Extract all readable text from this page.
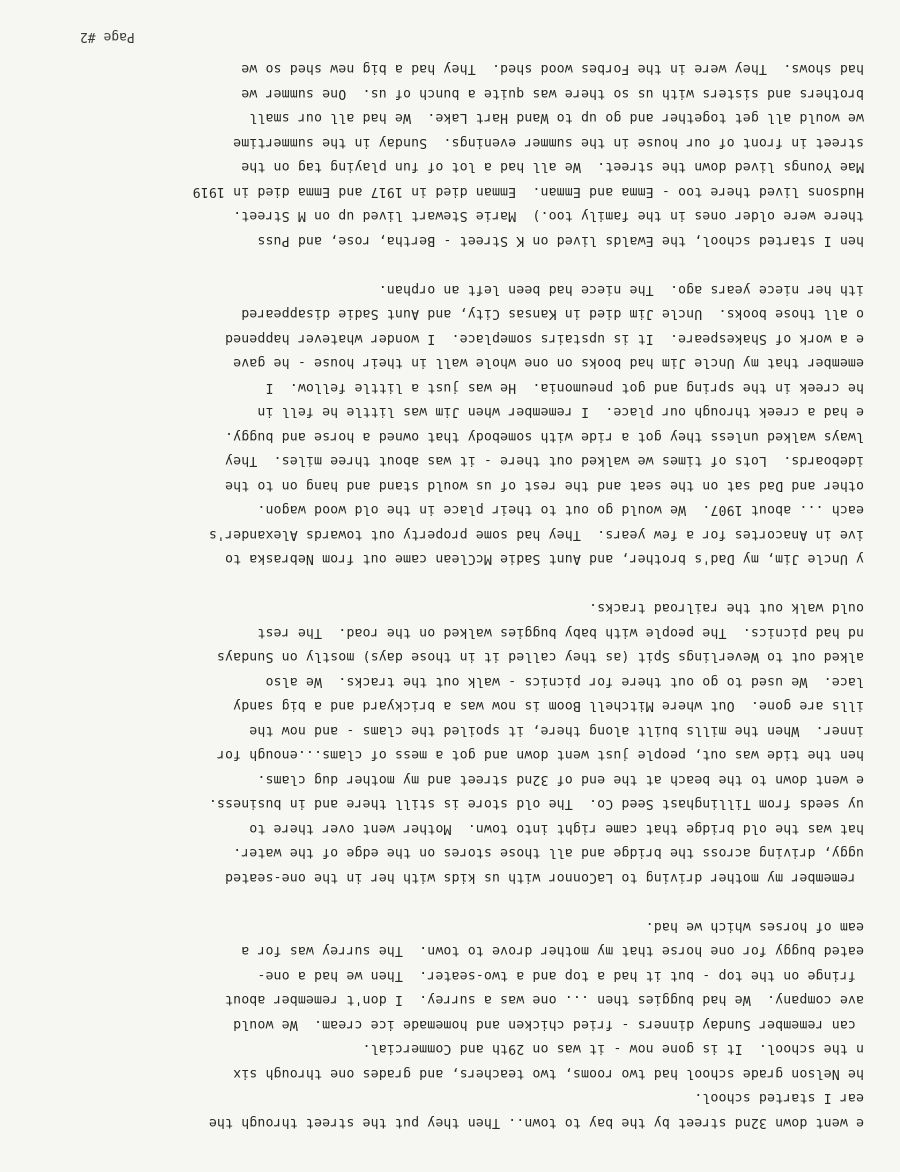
e went down 32nd street by the bay to town.. Then they put the street through the
ear I started school.
he Nelson grade school had two rooms, two teachers, and grades one through six
n the school.  It is gone now - it was on 29th and Commercial.
can remember Sunday dinners - fried chicken and homemade ice cream.  We would
ave company.  We had buggies then ... one was a surrey.  I don't remember about
fringe on the top - but it had a top and a two-seater.  Then we had a one-
eated buggy for one horse that my mother drove to town.  The surrey was for a
eam of horses which we had.
remember my mother driving to LaConnor with us kids with her in the one-seated
uggy, driving across the bridge and all those stores on the edge of the water.
hat was the old bridge that came right into town.  Mother went over there to
uy seeds from Tillinghast Seed Co.  The old store is still there and in business.
e went down to the beach at the end of 32nd street and my mother dug clams.
hen the tide was out, people just went down and got a mess of clams...enough for
inner.  When the mills built along there, it spoiled the clams - and now the
ills are gone.  Out where Mitchell Boom is now was a brickyard and a big sandy
lace.  We used to go out there for picnics - walk out the tracks.  We also
alked out to Weverlings Spit (as they called it in those days) mostly on Sundays
nd had picnics.  The people with baby buggies walked on the road.  The rest
ould walk out the railroad tracks.
y Uncle Jim, my Dad's brother, and Aunt Sadie McClean came out from Nebraska to
ive in Anacortes for a few years.  They had some property out towards Alexander's
each ... about 1907.  We would go out to their place in the old wood wagon.
other and Dad sat on the seat and the rest of us would stand and hang on to the
ideboards.  Lots of times we walked out there - it was about three miles.  They
lways walked unless they got a ride with somebody that owned a horse and buggy.
e had a creek through our place.  I remember when Jim was little he fell in
he creek in the spring and got pneumonia.  He was just a little fellow.  I
emember that my Uncle Jim had books on one whole wall in their house - he gave
e a work of Shakespeare.  It is upstairs someplace.  I wonder whatever happened
o all those books.  Uncle Jim died in Kansas City, and Aunt Sadie disappeared
ith her niece years ago.  The niece had been left an orphan.
hen I started school, the Ewalds lived on K Street - Bertha, rose, and Puss
there were older ones in the family too.)  Marie Stewart lived up on M Street.
Hudsons lived there too - Emma and Emman.  Emman died in 1917 and Emma died in 1919
Mae Youngs lived down the street.  We all had a lot of fun playing tag on the
street in front of our house in the summer evenings.  Sunday in the summertime
we would all get together and go up to Wand Hart Lake.  We had all our small
brothers and sisters with us so there was quite a bunch of us.  One summer we
had shows.  They were in the Forbes wood shed.  They had a big new shed so we
Page #2
